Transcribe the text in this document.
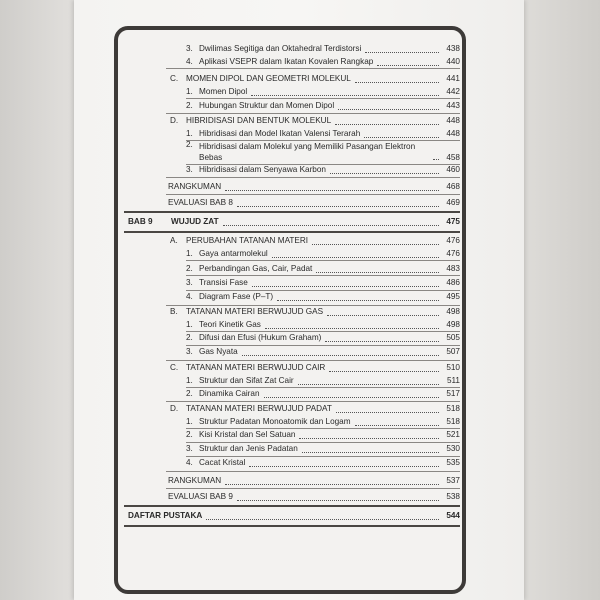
3. Dwilimas Segitiga dan Oktahedral Terdistorsi	438
4. Aplikasi VSEPR dalam Ikatan Kovalen Rangkap	440
C. MOMEN DIPOL DAN GEOMETRI MOLEKUL	441
1. Momen Dipol	442
2. Hubungan Struktur dan Momen Dipol	443
D. HIBRIDISASI DAN BENTUK MOLEKUL	448
1. Hibridisasi dan Model Ikatan Valensi Terarah	448
2. Hibridisasi dalam Molekul yang Memiliki Pasangan Elektron Bebas	458
3. Hibridisasi dalam Senyawa Karbon	460
RANGKUMAN	468
EVALUASI BAB 8	469
BAB 9	WUJUD ZAT	475
A.	PERUBAHAN TATANAN MATERI	476
1. Gaya antarmolekul	476
2. Perbandingan Gas, Cair, Padat	483
3. Transisi Fase	486
4. Diagram Fase (P–T)	495
B.	TATANAN MATERI BERWUJUD GAS	498
1. Teori Kinetik Gas	498
2. Difusi dan Efusi (Hukum Graham)	505
3. Gas Nyata	507
C. TATANAN MATERI BERWUJUD CAIR	510
1. Struktur dan Sifat Zat Cair	511
2. Dinamika Cairan	517
D. TATANAN MATERI BERWUJUD PADAT	518
1. Struktur Padatan Monoatomik dan Logam	518
2. Kisi Kristal dan Sel Satuan	521
3. Struktur dan Jenis Padatan	530
4. Cacat Kristal	535
RANGKUMAN	537
EVALUASI BAB 9	538
DAFTAR PUSTAKA	544
